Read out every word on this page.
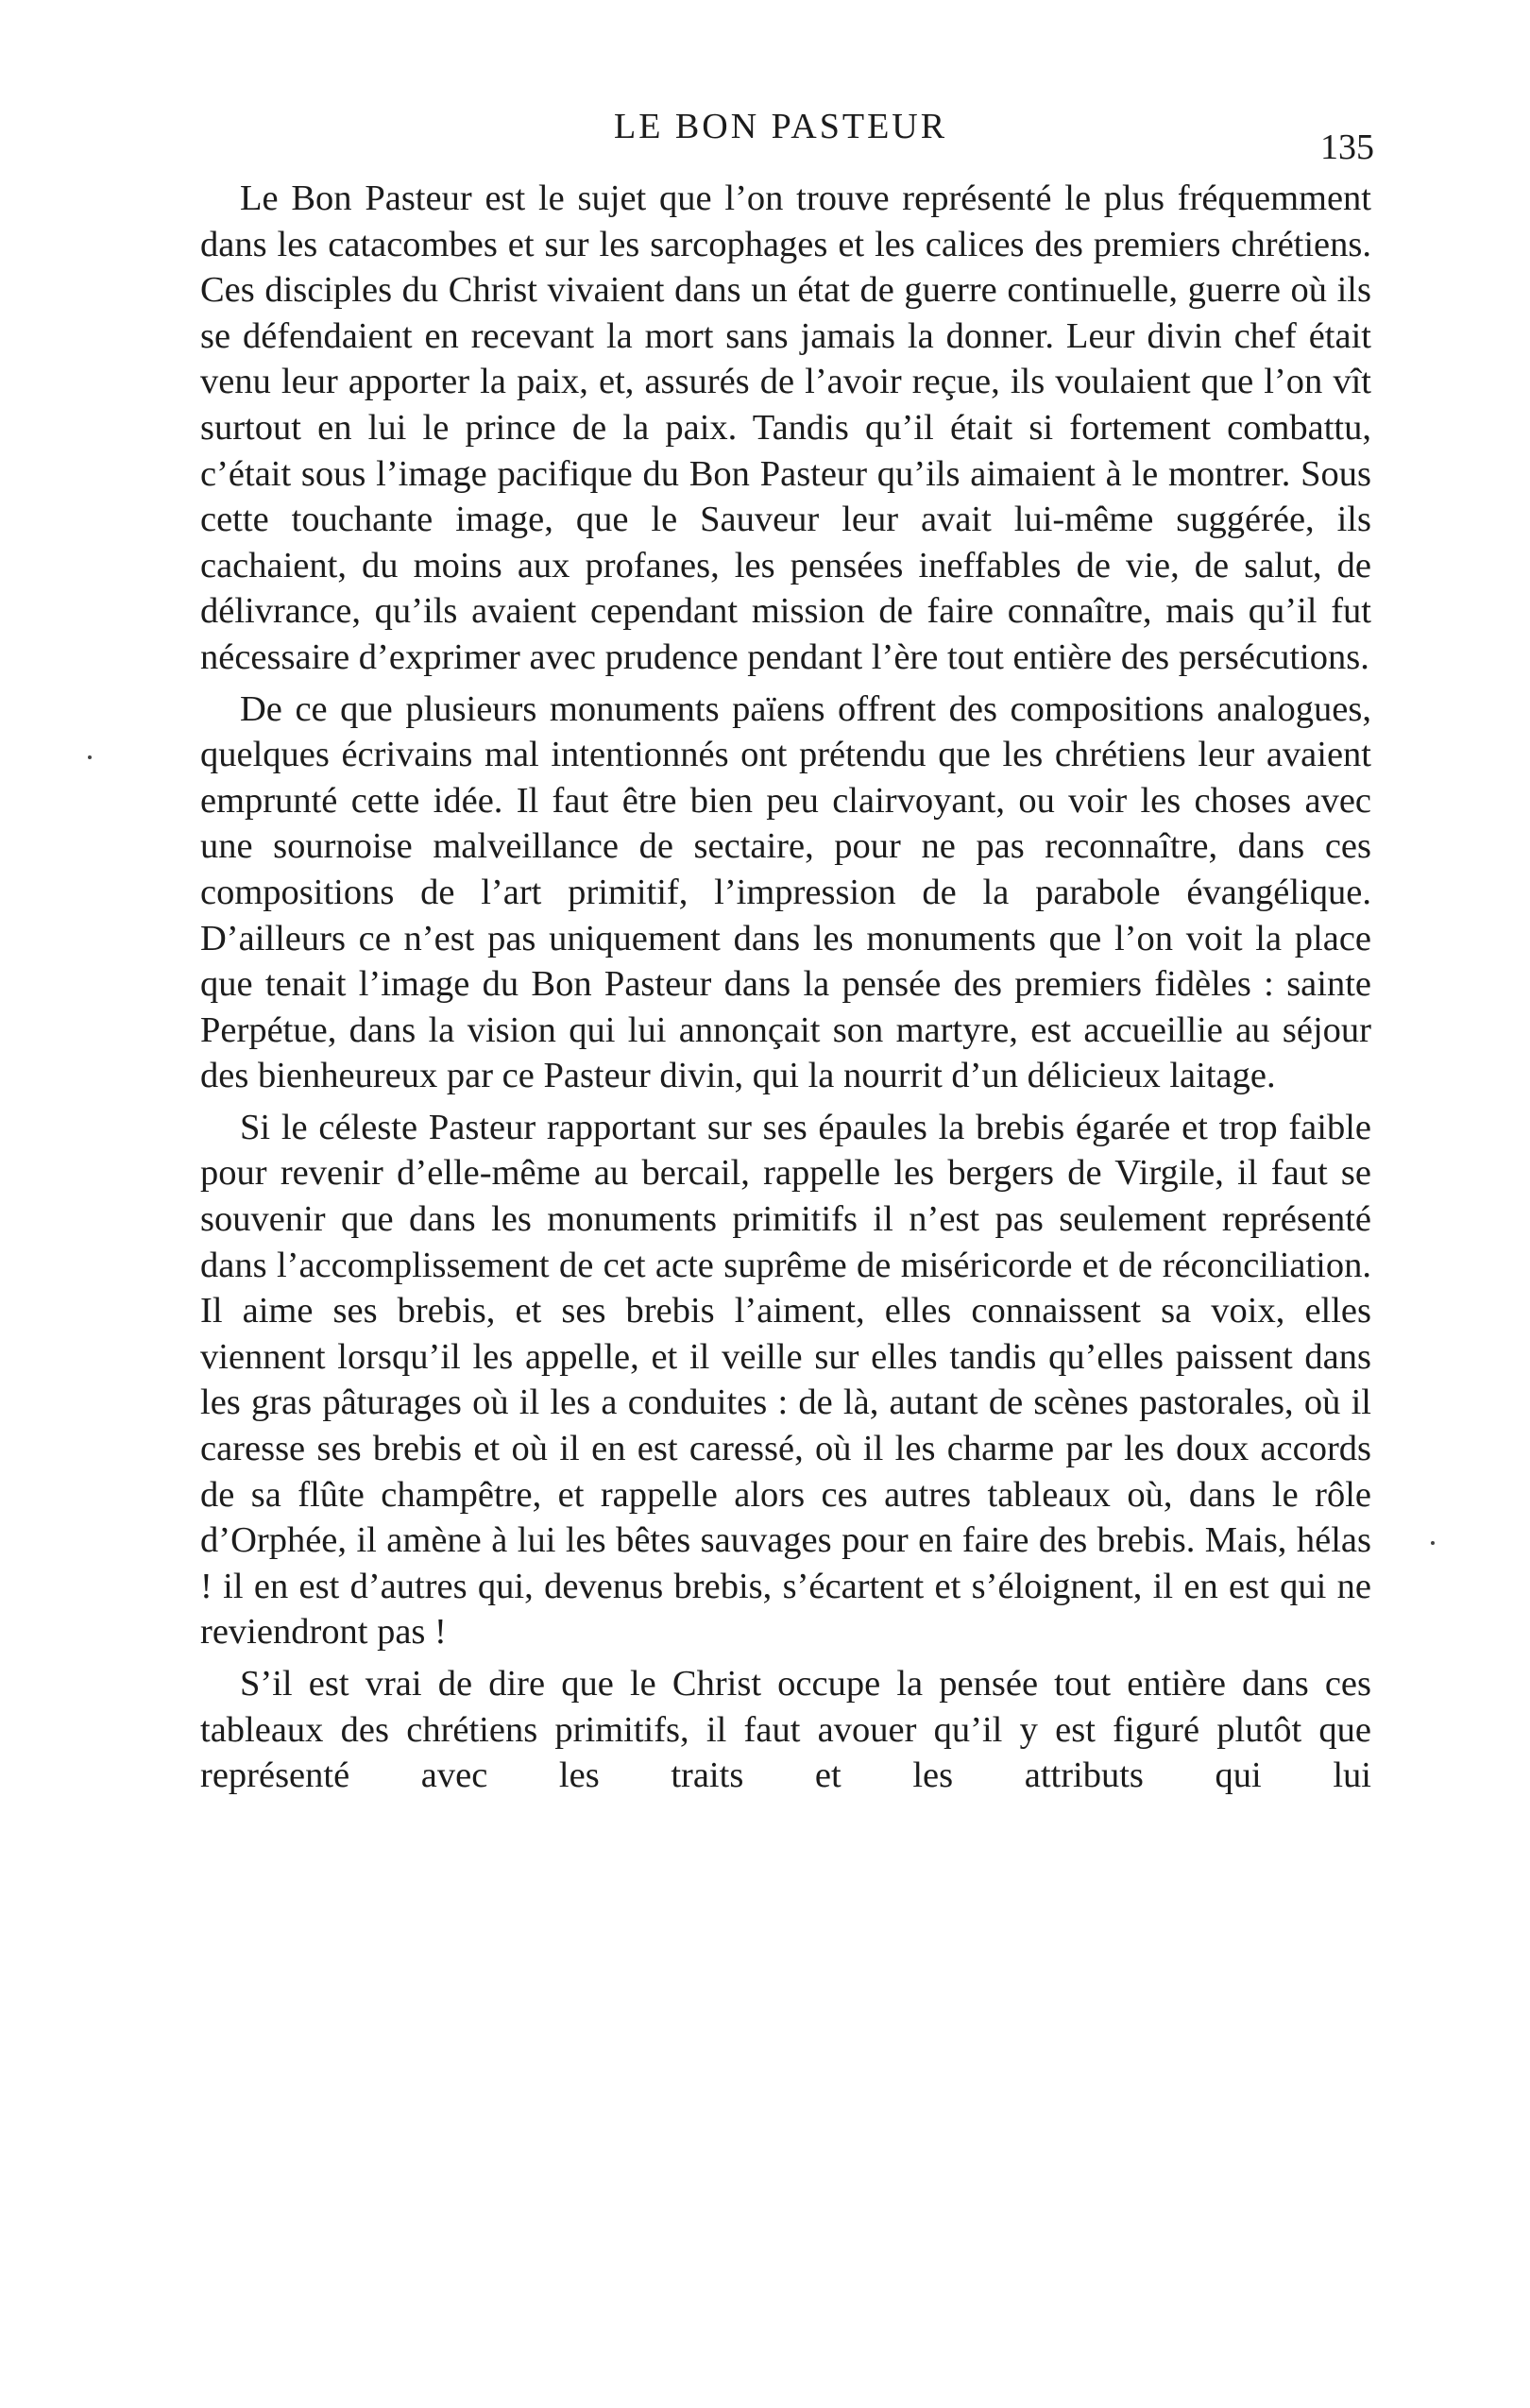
LE BON PASTEUR
135

Le Bon Pasteur est le sujet que l’on trouve représenté le plus fréquemment dans les catacombes et sur les sarcophages et les calices des premiers chrétiens. Ces disciples du Christ vivaient dans un état de guerre continuelle, guerre où ils se défendaient en recevant la mort sans jamais la donner. Leur divin chef était venu leur apporter la paix, et, assurés de l’avoir reçue, ils voulaient que l’on vît surtout en lui le prince de la paix. Tandis qu’il était si fortement combattu, c’était sous l’image pacifique du Bon Pasteur qu’ils aimaient à le montrer. Sous cette touchante image, que le Sauveur leur avait lui-même suggérée, ils cachaient, du moins aux profanes, les pensées ineffables de vie, de salut, de délivrance, qu’ils avaient cependant mission de faire connaître, mais qu’il fut nécessaire d’exprimer avec prudence pendant l’ère tout entière des persécutions.

De ce que plusieurs monuments païens offrent des compositions analogues, quelques écrivains mal intentionnés ont prétendu que les chrétiens leur avaient emprunté cette idée. Il faut être bien peu clairvoyant, ou voir les choses avec une sournoise malveillance de sectaire, pour ne pas reconnaître, dans ces compositions de l’art primitif, l’impression de la parabole évangélique. D’ailleurs ce n’est pas uniquement dans les monuments que l’on voit la place que tenait l’image du Bon Pasteur dans la pensée des premiers fidèles : sainte Perpétue, dans la vision qui lui annonçait son martyre, est accueillie au séjour des bienheureux par ce Pasteur divin, qui la nourrit d’un délicieux laitage.

Si le céleste Pasteur rapportant sur ses épaules la brebis égarée et trop faible pour revenir d’elle-même au bercail, rappelle les bergers de Virgile, il faut se souvenir que dans les monuments primitifs il n’est pas seulement représenté dans l’accomplissement de cet acte suprême de miséricorde et de réconciliation. Il aime ses brebis, et ses brebis l’aiment, elles connaissent sa voix, elles viennent lorsqu’il les appelle, et il veille sur elles tandis qu’elles paissent dans les gras pâturages où il les a conduites : de là, autant de scènes pastorales, où il caresse ses brebis et où il en est caressé, où il les charme par les doux accords de sa flûte champêtre, et rappelle alors ces autres tableaux où, dans le rôle d’Orphée, il amène à lui les bêtes sauvages pour en faire des brebis. Mais, hélas ! il en est d’autres qui, devenus brebis, s’écartent et s’éloignent, il en est qui ne reviendront pas !

S’il est vrai de dire que le Christ occupe la pensée tout entière dans ces tableaux des chrétiens primitifs, il faut avouer qu’il y est figuré plutôt que représenté avec les traits et les attributs qui lui
